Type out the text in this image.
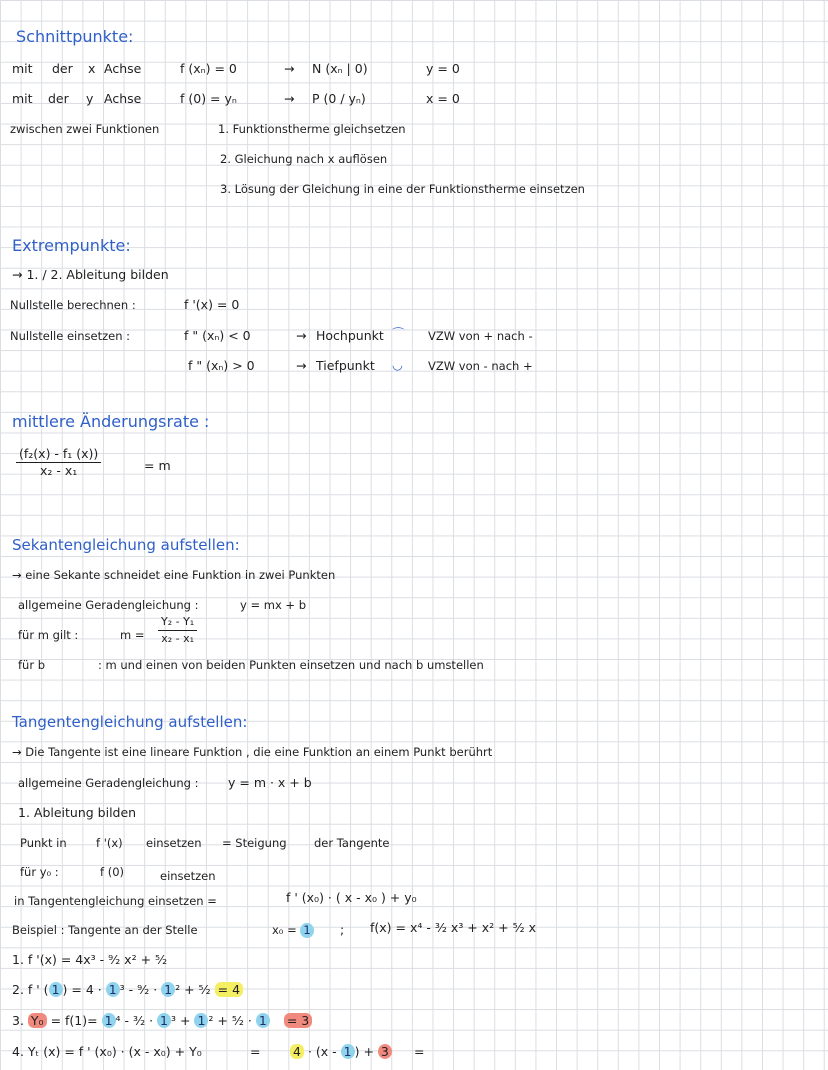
Schnittpunkte:
mit der x Achse	f (xₙ) = 0	→ N (xₙ | 0)	y = 0
mit der y Achse	f (0) = yₙ	→ P (0 / yₙ)	x = 0
zwischen zwei Funktionen	1. Funktionstherme gleichsetzen
2. Gleichung nach x auflösen
3. Lösung der Gleichung in eine der Funktionstherme einsetzen
Extrempunkte:
→ 1. / 2. Ableitung bilden
Nullstelle berechnen :	f '(x) = 0
Nullstelle einsetzen :	f " (xₙ) < 0	→ Hochpunkt ⌒ VZW von + nach -
f " (xₙ) > 0	→ Tiefpunkt ◡ VZW von - nach +
mittlere Änderungsrate :
(f₂(x) - f₁ (x))
x₂ - x₁	= m
Sekantengleichung aufstellen:
→ eine Sekante schneidet eine Funktion in zwei Punkten
allgemeine Geradengleichung :	y = mx + b
für m gilt :	m =
Y₂ - Y₁
x₂ - x₁
für b	: m und einen von beiden Punkten einsetzen und nach b umstellen
Tangentengleichung aufstellen:
→ Die Tangente ist eine lineare Funktion , die eine Funktion an einem Punkt berührt
allgemeine Geradengleichung : y = m · x + b
1. Ableitung bilden
Punkt in	f '(x) einsetzen = Steigung der Tangente
für y₀ :	f (0)	einsetzen
in Tangentengleichung einsetzen =	f ' (x₀) · ( x - x₀ ) + y₀
Beispiel : Tangente an der Stelle	x₀ = 1 ; f(x) = x⁴ - ³⁄₂ x³ + x² + ⁵⁄₂ x
1. f '(x) = 4x³ - ⁹⁄₂ x² + ⁵⁄₂
2. f ' ( 1 ) = 4 · 1 ³ - ⁹⁄₂ · 1 ² + ⁵⁄₂ = 4
3. Y₀ = f(1)= 1 ⁴ - ³⁄₂ · 1 ³ + 1 ² + ⁵⁄₂ · 1 = 3
4. Yₜ (x) = f ' (x₀) · (x - x₀) + Y₀	=	4 · (x - 1 ) + 3 =
